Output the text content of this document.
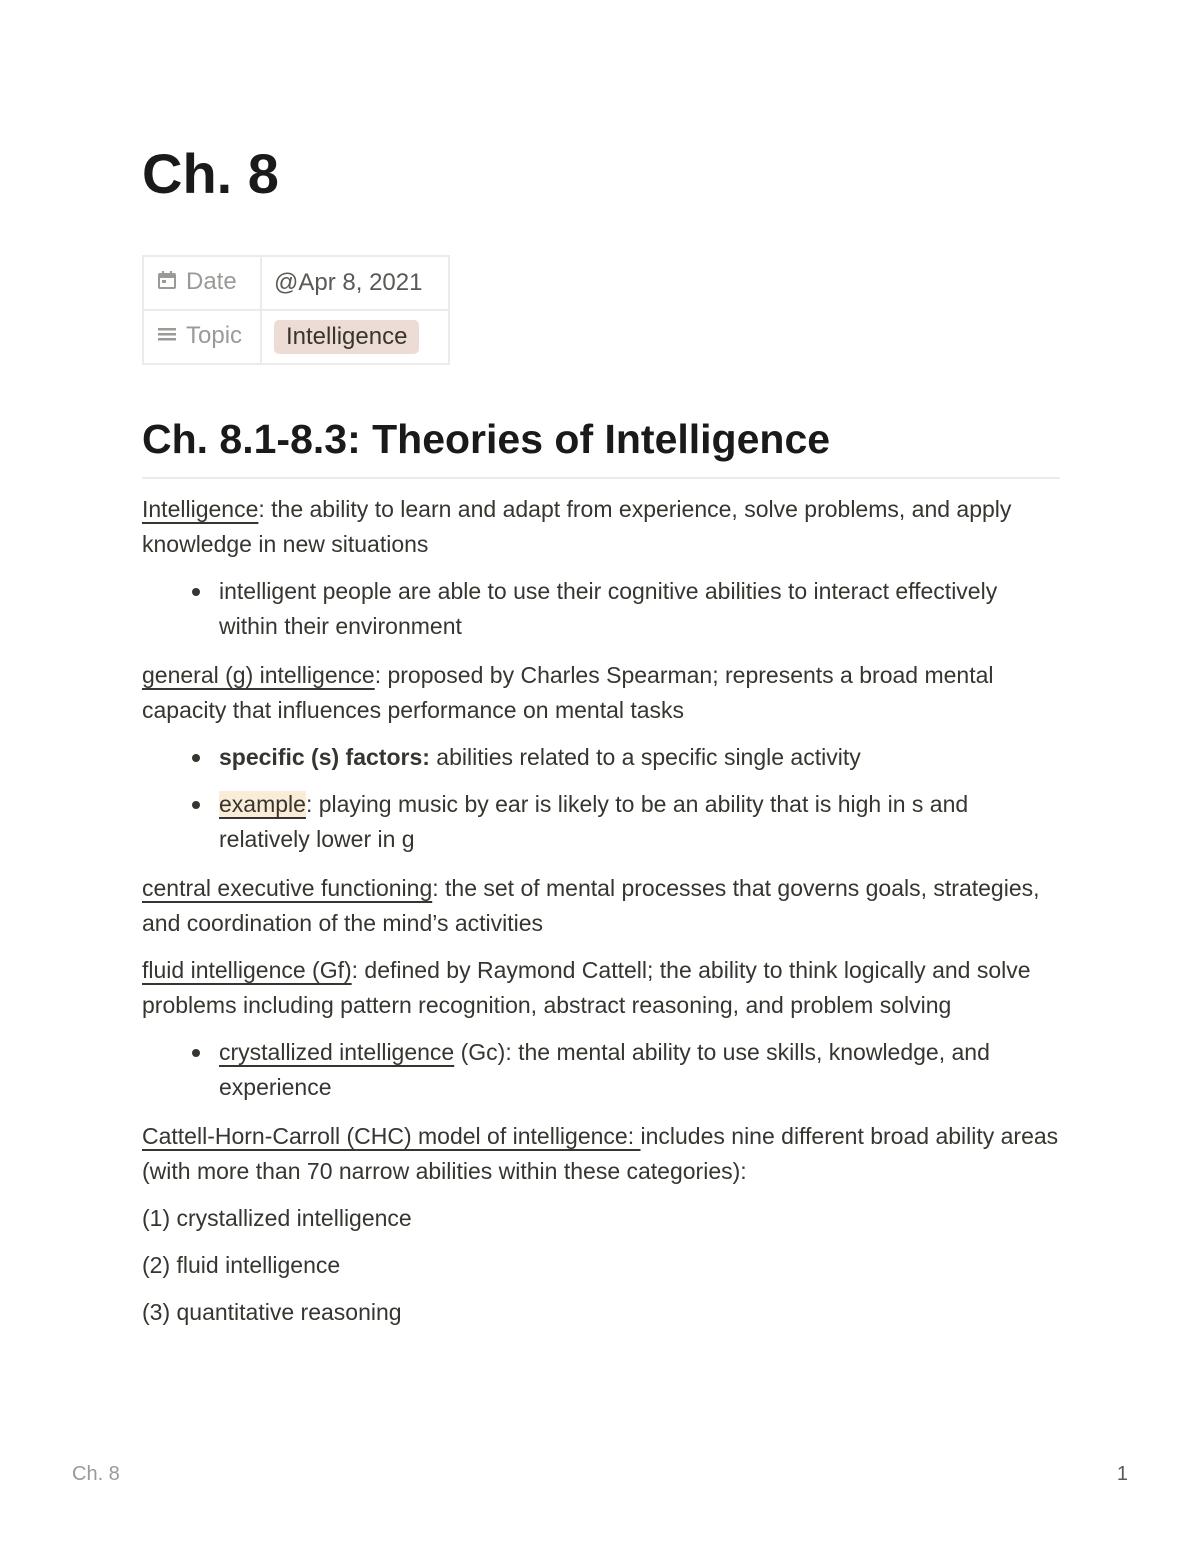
Ch. 8
Date	@Apr 8, 2021
Topic	Intelligence
Ch. 8.1-8.3: Theories of Intelligence

Intelligence: the ability to learn and adapt from experience, solve problems, and apply knowledge in new situations

intelligent people are able to use their cognitive abilities to interact effectively within their environment

general (g) intelligence: proposed by Charles Spearman; represents a broad mental capacity that influences performance on mental tasks

specific (s) factors: abilities related to a specific single activity
example: playing music by ear is likely to be an ability that is high in s and relatively lower in g

central executive functioning: the set of mental processes that governs goals, strategies, and coordination of the mind’s activities

fluid intelligence (Gf): defined by Raymond Cattell; the ability to think logically and solve problems including pattern recognition, abstract reasoning, and problem solving

crystallized intelligence (Gc): the mental ability to use skills, knowledge, and experience

Cattell-Horn-Carroll (CHC) model of intelligence: includes nine different broad ability areas (with more than 70 narrow abilities within these categories):

(1) crystallized intelligence

(2) fluid intelligence

(3) quantitative reasoning

Ch. 8	1
